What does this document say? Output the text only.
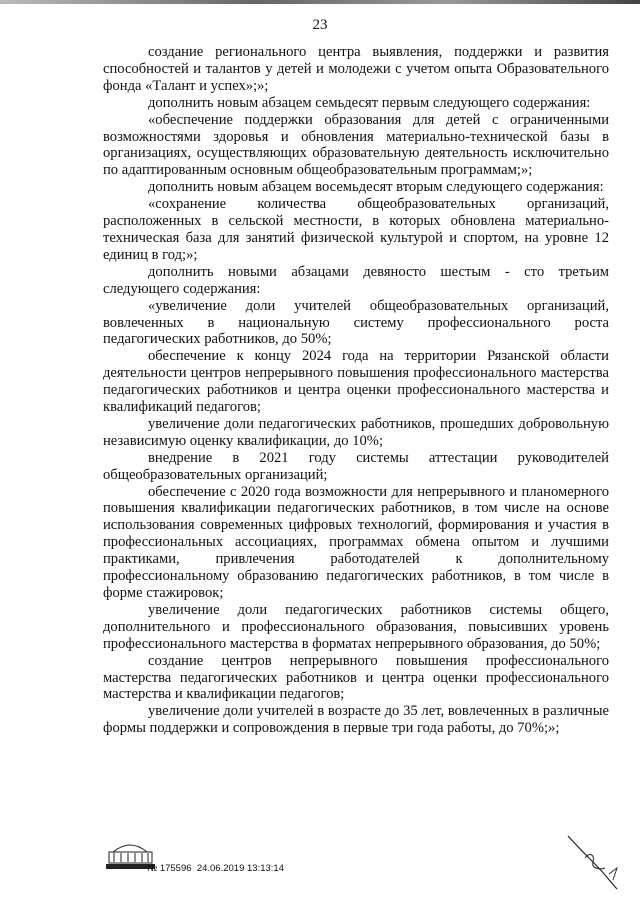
23

создание регионального центра выявления, поддержки и развития способностей и талантов у детей и молодежи с учетом опыта Образовательного фонда «Талант и успех»;»;

дополнить новым абзацем семьдесят первым следующего содержания:

«обеспечение поддержки образования для детей с ограниченными возможностями здоровья и обновления материально-технической базы в организациях, осуществляющих образовательную деятельность исключительно по адаптированным основным общеобразовательным программам;»;

дополнить новым абзацем восемьдесят вторым следующего содержания:

«сохранение количества общеобразовательных организаций, расположенных в сельской местности, в которых обновлена материально-техническая база для занятий физической культурой и спортом, на уровне 12 единиц в год;»;

дополнить новыми абзацами девяносто шестым - сто третьим следующего содержания:

«увеличение доли учителей общеобразовательных организаций, вовлеченных в национальную систему профессионального роста педагогических работников, до 50%;

обеспечение к концу 2024 года на территории Рязанской области деятельности центров непрерывного повышения профессионального мастерства педагогических работников и центра оценки профессионального мастерства и квалификаций педагогов;

увеличение доли педагогических работников, прошедших добровольную независимую оценку квалификации, до 10%;

внедрение в 2021 году системы аттестации руководителей общеобразовательных организаций;

обеспечение с 2020 года возможности для непрерывного и планомерного повышения квалификации педагогических работников, в том числе на основе использования современных цифровых технологий, формирования и участия в профессиональных ассоциациях, программах обмена опытом и лучшими практиками, привлечения работодателей к дополнительному профессиональному образованию педагогических работников, в том числе в форме стажировок;

увеличение доли педагогических работников системы общего, дополнительного и профессионального образования, повысивших уровень профессионального мастерства в форматах непрерывного образования, до 50%;

создание центров непрерывного повышения профессионального мастерства педагогических работников и центра оценки профессионального мастерства и квалификации педагогов;

увеличение доли учителей в возрасте до 35 лет, вовлеченных в различные формы поддержки и сопровождения в первые три года работы, до 70%;»;

№ 175596 24.06.2019 13:13:14
